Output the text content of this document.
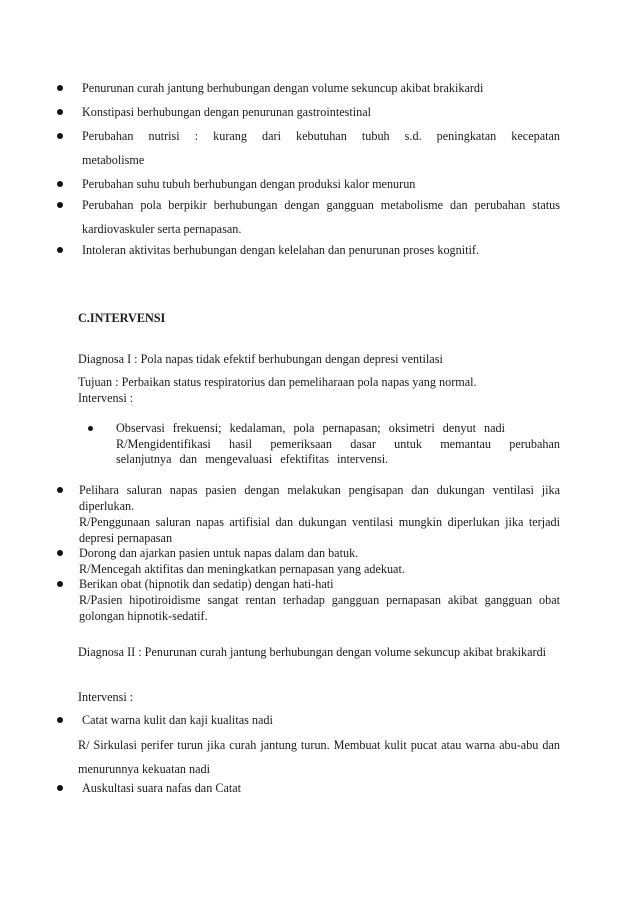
Penurunan curah jantung berhubungan dengan volume sekuncup akibat brakikardi
Konstipasi berhubungan dengan penurunan gastrointestinal
Perubahan nutrisi : kurang dari kebutuhan tubuh s.d. peningkatan kecepatan metabolisme
Perubahan suhu tubuh berhubungan dengan produksi kalor menurun
Perubahan pola berpikir berhubungan dengan gangguan metabolisme dan perubahan status kardiovaskuler serta pernapasan.
Intoleran aktivitas berhubungan dengan kelelahan dan penurunan proses kognitif.
C.INTERVENSI
Diagnosa I : Pola napas tidak efektif berhubungan dengan depresi ventilasi
Tujuan : Perbaikan status respiratorius dan pemeliharaan pola napas yang normal.
Intervensi :
Observasi frekuensi; kedalaman, pola pernapasan; oksimetri denyut nadi
R/Mengidentifikasi hasil pemeriksaan dasar untuk memantau perubahan selanjutnya dan mengevaluasi efektifitas intervensi.
Pelihara saluran napas pasien dengan melakukan pengisapan dan dukungan ventilasi jika diperlukan.
R/Penggunaan saluran napas artifisial dan dukungan ventilasi mungkin diperlukan jika terjadi depresi pernapasan
Dorong dan ajarkan pasien untuk napas dalam dan batuk.
R/Mencegah aktifitas dan meningkatkan pernapasan yang adekuat.
Berikan obat (hipnotik dan sedatip) dengan hati-hati
R/Pasien hipotiroidisme sangat rentan terhadap gangguan pernapasan akibat gangguan obat golongan hipnotik-sedatif.
Diagnosa II : Penurunan curah jantung berhubungan dengan volume sekuncup akibat brakikardi
Intervensi :
Catat warna kulit dan kaji kualitas nadi
R/ Sirkulasi perifer turun jika curah jantung turun. Membuat kulit pucat atau warna abu-abu dan menurunnya kekuatan nadi
Auskultasi suara nafas dan Catat
